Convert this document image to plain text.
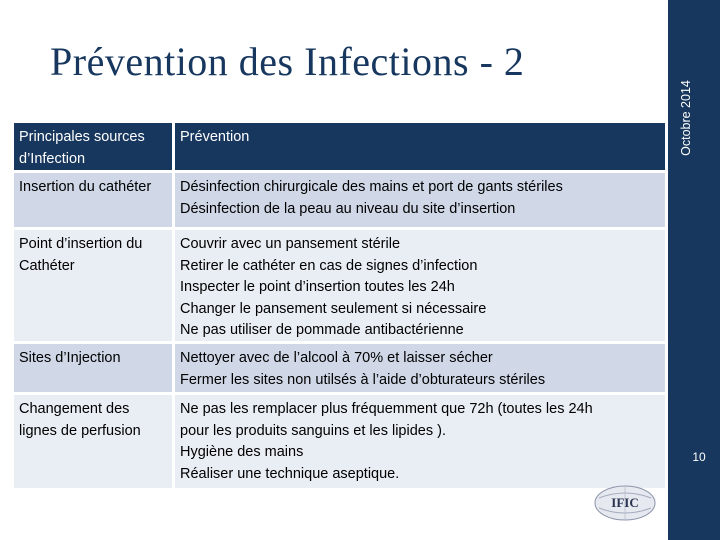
Prévention des Infections - 2
Octobre 2014
10
Principales sources d’Infection
Prévention
Insertion du cathéter	Désinfection chirurgicale des mains et port de gants stériles
Désinfection de la peau au niveau du site d’insertion
Point d’insertion du Cathéter
Couvrir avec un pansement stérile
Retirer le cathéter en cas de signes d’infection
Inspecter le point d’insertion toutes les 24h
Changer le pansement seulement si nécessaire
Ne pas utiliser de pommade antibactérienne
Sites d’Injection	Nettoyer avec de l’alcool à 70% et laisser sécher
Fermer les sites non utilsés à l’aide d’obturateurs stériles
Changement des lignes de perfusion
Ne pas les remplacer plus fréquemment que 72h (toutes les 24h
pour les produits sanguins et les lipides ).
Hygiène des mains
Réaliser une technique aseptique.
IFIC
